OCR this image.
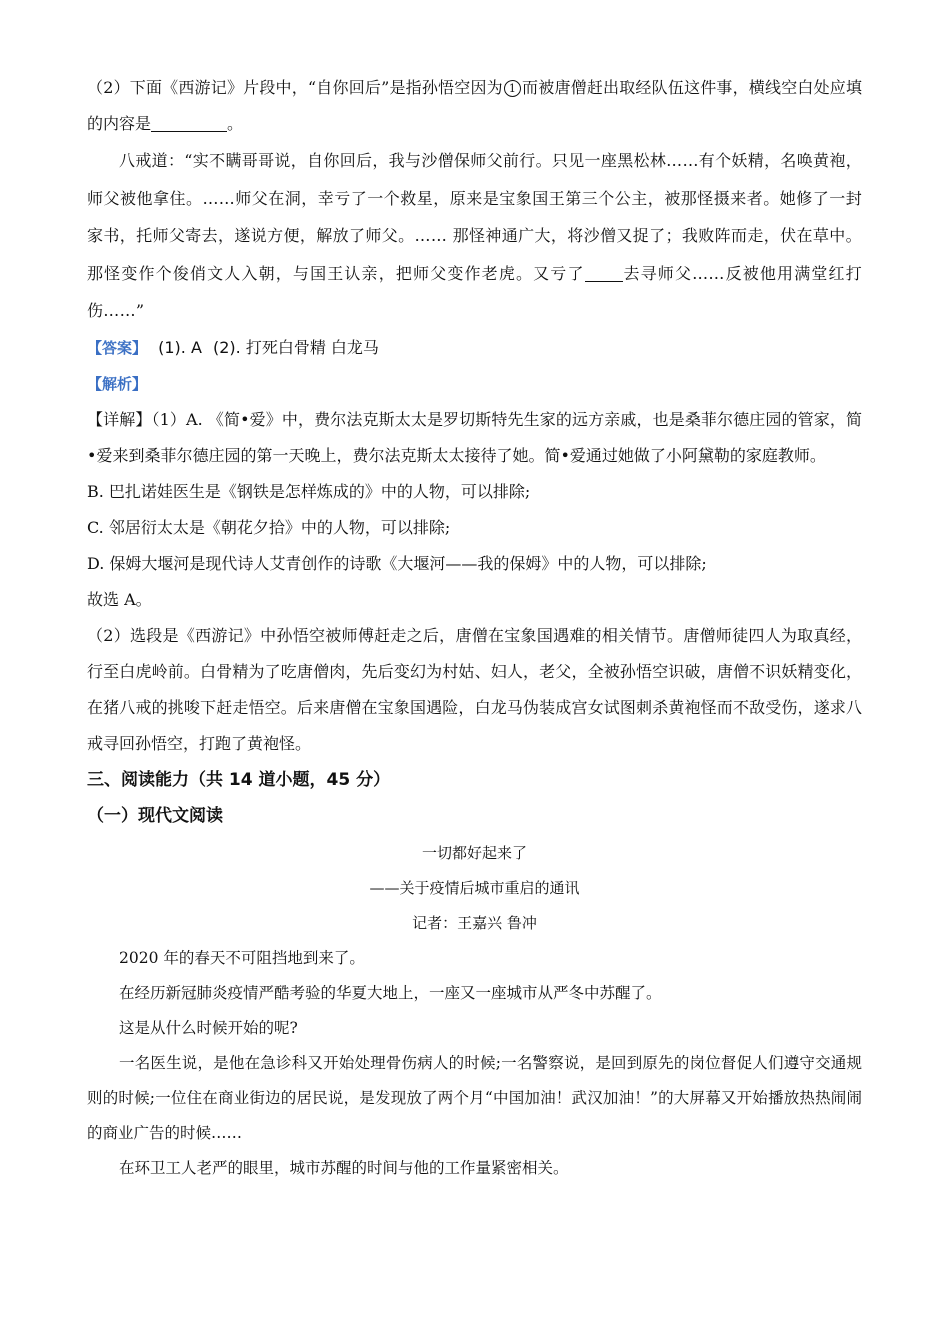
（2）下面《西游记》片段中，“自你回后”是指孙悟空因为 1 而被唐僧赶出取经队伍这件事，横线空白处应填的内容是	。

八戒道：“实不瞒哥哥说，自你回后，我与沙僧保师父前行。只见一座黑松林……有个妖精，名唤黄袍，师父被他拿住。……师父在洞，幸亏了一个救星，原来是宝象国王第三个公主，被那怪摄来者。她修了一封家书，托师父寄去，遂说方便，解放了师父。…… 那怪神通广大，将沙僧又捉了；我败阵而走，伏在草中。那怪变作个俊俏文人入朝，与国王认亲，把师父变作老虎。又亏了 去寻师父……反被他用满堂红打伤……”

【答案】 (1). A (2). 打死白骨精 白龙马

【解析】

【详解】（1）A. 《简•爱》中，费尔法克斯太太是罗切斯特先生家的远方亲戚，也是桑菲尔德庄园的管家，简•爱来到桑菲尔德庄园的第一天晚上，费尔法克斯太太接待了她。简•爱通过她做了小阿黛勒的家庭教师。

B. 巴扎诺娃医生是《钢铁是怎样炼成的》中的人物，可以排除;

C. 邻居衍太太是《朝花夕拾》中的人物，可以排除;

D. 保姆大堰河是现代诗人艾青创作的诗歌《大堰河——我的保姆》中的人物，可以排除;

故选 A。

（2）选段是《西游记》中孙悟空被师傅赶走之后，唐僧在宝象国遇难的相关情节。唐僧师徒四人为取真经，行至白虎岭前。白骨精为了吃唐僧肉，先后变幻为村姑、妇人，老父，全被孙悟空识破，唐僧不识妖精变化，在猪八戒的挑唆下赶走悟空。后来唐僧在宝象国遇险，白龙马伪装成宫女试图刺杀黄袍怪而不敌受伤，遂求八戒寻回孙悟空，打跑了黄袍怪。

三、阅读能力（共 14 道小题，45 分）

（一）现代文阅读

一切都好起来了

——关于疫情后城市重启的通讯

记者：王嘉兴 鲁冲

2020 年的春天不可阻挡地到来了。

在经历新冠肺炎疫情严酷考验的华夏大地上，一座又一座城市从严冬中苏醒了。

这是从什么时候开始的呢?

一名医生说，是他在急诊科又开始处理骨伤病人的时候;一名警察说，是回到原先的岗位督促人们遵守交通规则的时候;一位住在商业街边的居民说，是发现放了两个月“中国加油！武汉加油！”的大屏幕又开始播放热热闹闹的商业广告的时候……

在环卫工人老严的眼里，城市苏醒的时间与他的工作量紧密相关。
